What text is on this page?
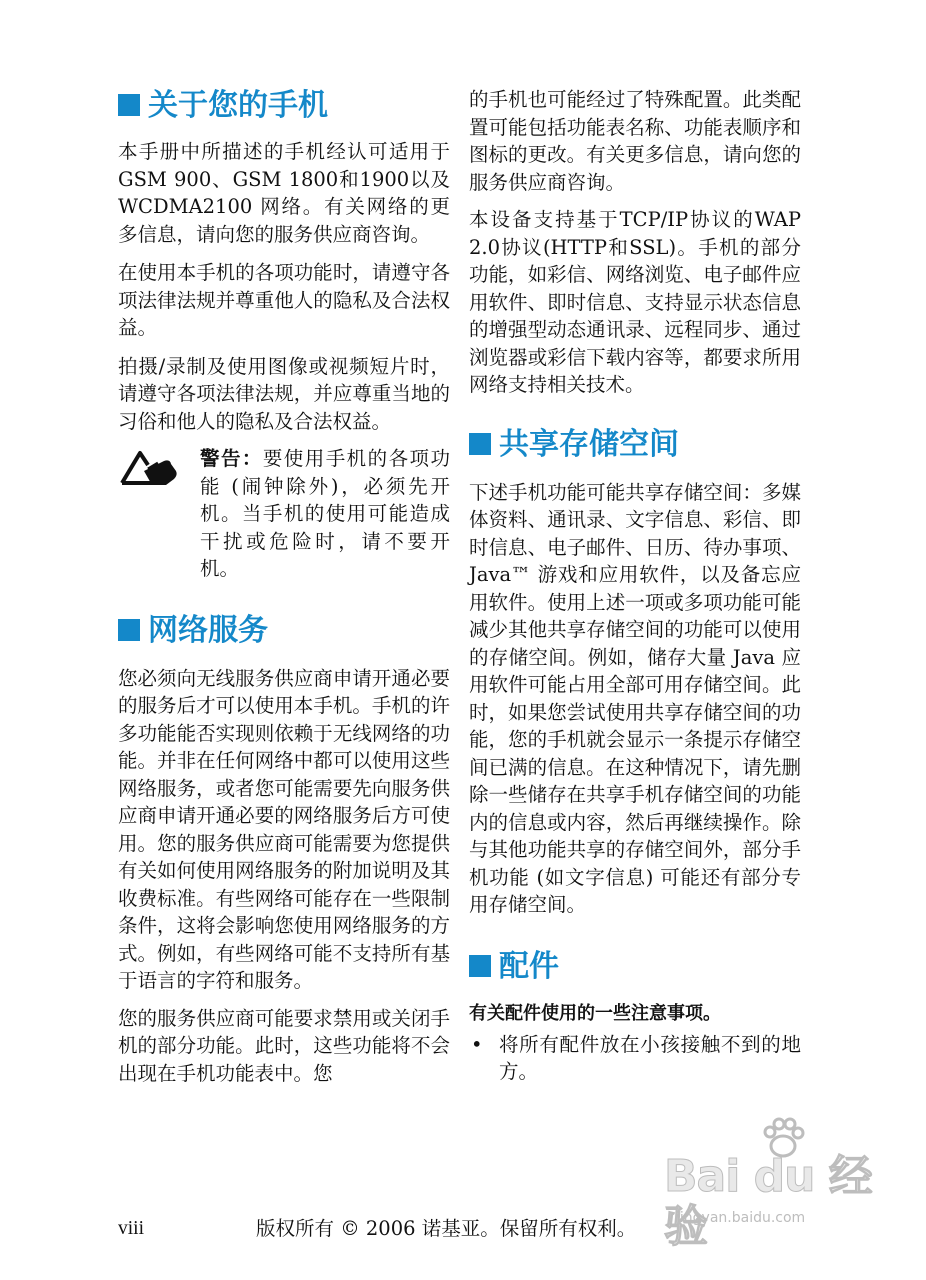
关于您的手机

本手册中所描述的手机经认可适用于GSM 900、GSM 1800和1900以及 WCDMA2100 网络。有关网络的更多信息，请向您的服务供应商咨询。

在使用本手机的各项功能时，请遵守各项法律法规并尊重他人的隐私及合法权益。

拍摄/录制及使用图像或视频短片时，请遵守各项法律法规，并应尊重当地的习俗和他人的隐私及合法权益。

警告：要使用手机的各项功能 (闹钟除外)，必须先开机。当手机的使用可能造成干扰或危险时，请不要开机。

网络服务

您必须向无线服务供应商申请开通必要的服务后才可以使用本手机。手机的许多功能能否实现则依赖于无线网络的功能。并非在任何网络中都可以使用这些网络服务，或者您可能需要先向服务供应商申请开通必要的网络服务后方可使用。您的服务供应商可能需要为您提供有关如何使用网络服务的附加说明及其收费标准。有些网络可能存在一些限制条件，这将会影响您使用网络服务的方式。例如，有些网络可能不支持所有基于语言的字符和服务。

您的服务供应商可能要求禁用或关闭手机的部分功能。此时，这些功能将不会出现在手机功能表中。您

的手机也可能经过了特殊配置。此类配置可能包括功能表名称、功能表顺序和图标的更改。有关更多信息，请向您的服务供应商咨询。

本设备支持基于TCP/IP协议的WAP 2.0协议(HTTP和SSL)。手机的部分功能，如彩信、网络浏览、电子邮件应用软件、即时信息、支持显示状态信息的增强型动态通讯录、远程同步、通过浏览器或彩信下载内容等，都要求所用网络支持相关技术。

共享存储空间

下述手机功能可能共享存储空间：多媒体资料、通讯录、文字信息、彩信、即时信息、电子邮件、日历、待办事项、Java™ 游戏和应用软件，以及备忘应用软件。使用上述一项或多项功能可能减少其他共享存储空间的功能可以使用的存储空间。例如，储存大量 Java 应用软件可能占用全部可用存储空间。此时，如果您尝试使用共享存储空间的功能，您的手机就会显示一条提示存储空间已满的信息。在这种情况下，请先删除一些储存在共享手机存储空间的功能内的信息或内容，然后再继续操作。除与其他功能共享的存储空间外，部分手机功能 (如文字信息) 可能还有部分专用存储空间。

配件

有关配件使用的一些注意事项。

• 将所有配件放在小孩接触不到的地方。

Bai du 经验
jingyan.baidu.com
viii	版权所有 © 2006 诺基亚。保留所有权利。
